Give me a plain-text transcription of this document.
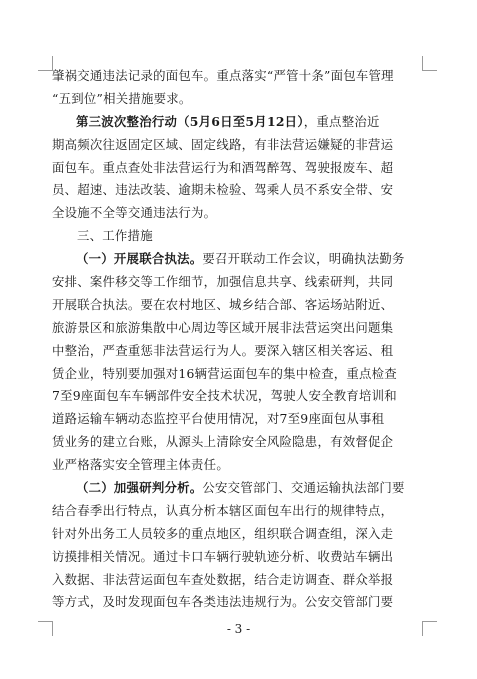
肇祸交通违法记录的面包车。重点落实“严管十条”面包车管理
“五到位”相关措施要求。
第三波次整治行动（5月6日至5月12日），重点整治近
期高频次往返固定区域、固定线路，有非法营运嫌疑的非营运
面包车。重点查处非法营运行为和酒驾醉驾、驾驶报废车、超
员、超速、违法改装、逾期未检验、驾乘人员不系安全带、安
全设施不全等交通违法行为。
三、工作措施
（一）开展联合执法。要召开联动工作会议，明确执法勤务
安排、案件移交等工作细节，加强信息共享、线索研判，共同
开展联合执法。要在农村地区、城乡结合部、客运场站附近、
旅游景区和旅游集散中心周边等区域开展非法营运突出问题集
中整治，严查重惩非法营运行为人。要深入辖区相关客运、租
赁企业，特别要加强对16辆营运面包车的集中检查，重点检查
7至9座面包车车辆部件安全技术状况，驾驶人安全教育培训和
道路运输车辆动态监控平台使用情况，对7至9座面包从事租
赁业务的建立台账，从源头上清除安全风险隐患，有效督促企
业严格落实安全管理主体责任。
（二）加强研判分析。公安交管部门、交通运输执法部门要
结合春季出行特点，认真分析本辖区面包车出行的规律特点，
针对外出务工人员较多的重点地区，组织联合调查组，深入走
访摸排相关情况。通过卡口车辆行驶轨迹分析、收费站车辆出
入数据、非法营运面包车查处数据，结合走访调查、群众举报
等方式，及时发现面包车各类违法违规行为。公安交管部门要
- 3 -
